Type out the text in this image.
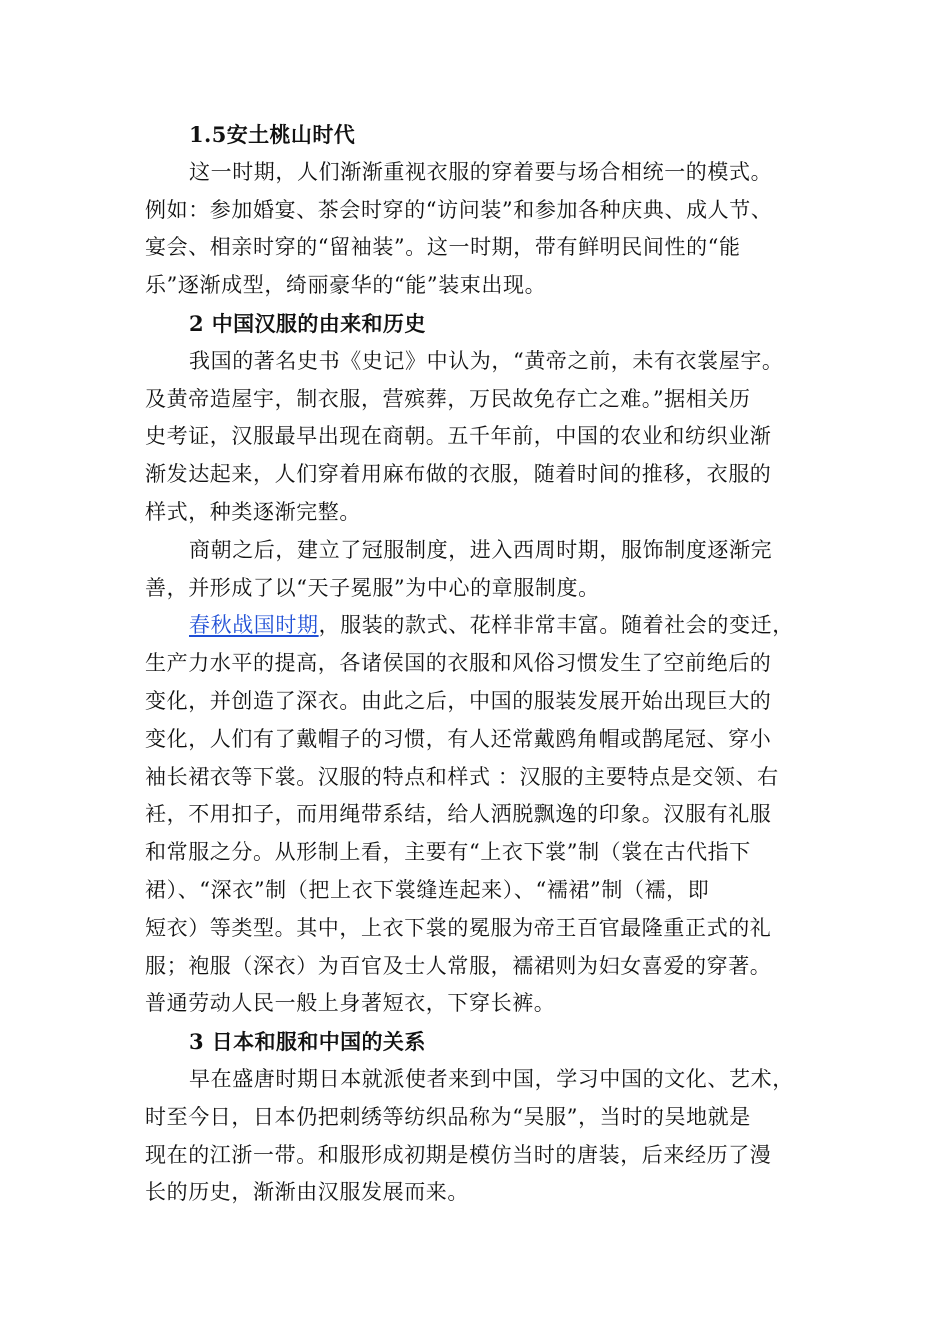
1.5安土桃山时代
这一时期，人们渐渐重视衣服的穿着要与场合相统一的模式。
例如：参加婚宴、茶会时穿的“访问装”和参加各种庆典、成人节、
宴会、相亲时穿的“留袖装”。这一时期，带有鲜明民间性的“能
乐”逐渐成型，绮丽豪华的“能”装束出现。
2 中国汉服的由来和历史
我国的著名史书《史记》中认为，“黄帝之前，未有衣裳屋宇。
及黄帝造屋宇，制衣服，营殡葬，万民故免存亡之难。”据相关历
史考证，汉服最早出现在商朝。五千年前，中国的农业和纺织业渐
渐发达起来，人们穿着用麻布做的衣服，随着时间的推移，衣服的
样式，种类逐渐完整。
商朝之后，建立了冠服制度，进入西周时期，服饰制度逐渐完
善，并形成了以“天子冕服”为中心的章服制度。
春秋战国时期，服装的款式、花样非常丰富。随着社会的变迁，
生产力水平的提高，各诸侯国的衣服和风俗习惯发生了空前绝后的
变化，并创造了深衣。由此之后，中国的服装发展开始出现巨大的
变化，人们有了戴帽子的习惯，有人还常戴鸥角帽或鹊尾冠、穿小
袖长裙衣等下裳。汉服的特点和样式 ：汉服的主要特点是交领、右
衽，不用扣子，而用绳带系结，给人洒脱飘逸的印象。汉服有礼服
和常服之分。从形制上看，主要有“上衣下裳”制（裳在古代指下
裙）、“深衣”制（把上衣下裳缝连起来）、“襦裙”制（襦，即
短衣）等类型。其中，上衣下裳的冕服为帝王百官最隆重正式的礼
服；袍服（深衣）为百官及士人常服，襦裙则为妇女喜爱的穿著。
普通劳动人民一般上身著短衣，下穿长裤。
3 日本和服和中国的关系
早在盛唐时期日本就派使者来到中国，学习中国的文化、艺术，
时至今日，日本仍把刺绣等纺织品称为“吴服”，当时的吴地就是
现在的江浙一带。和服形成初期是模仿当时的唐装，后来经历了漫
长的历史，渐渐由汉服发展而来。
